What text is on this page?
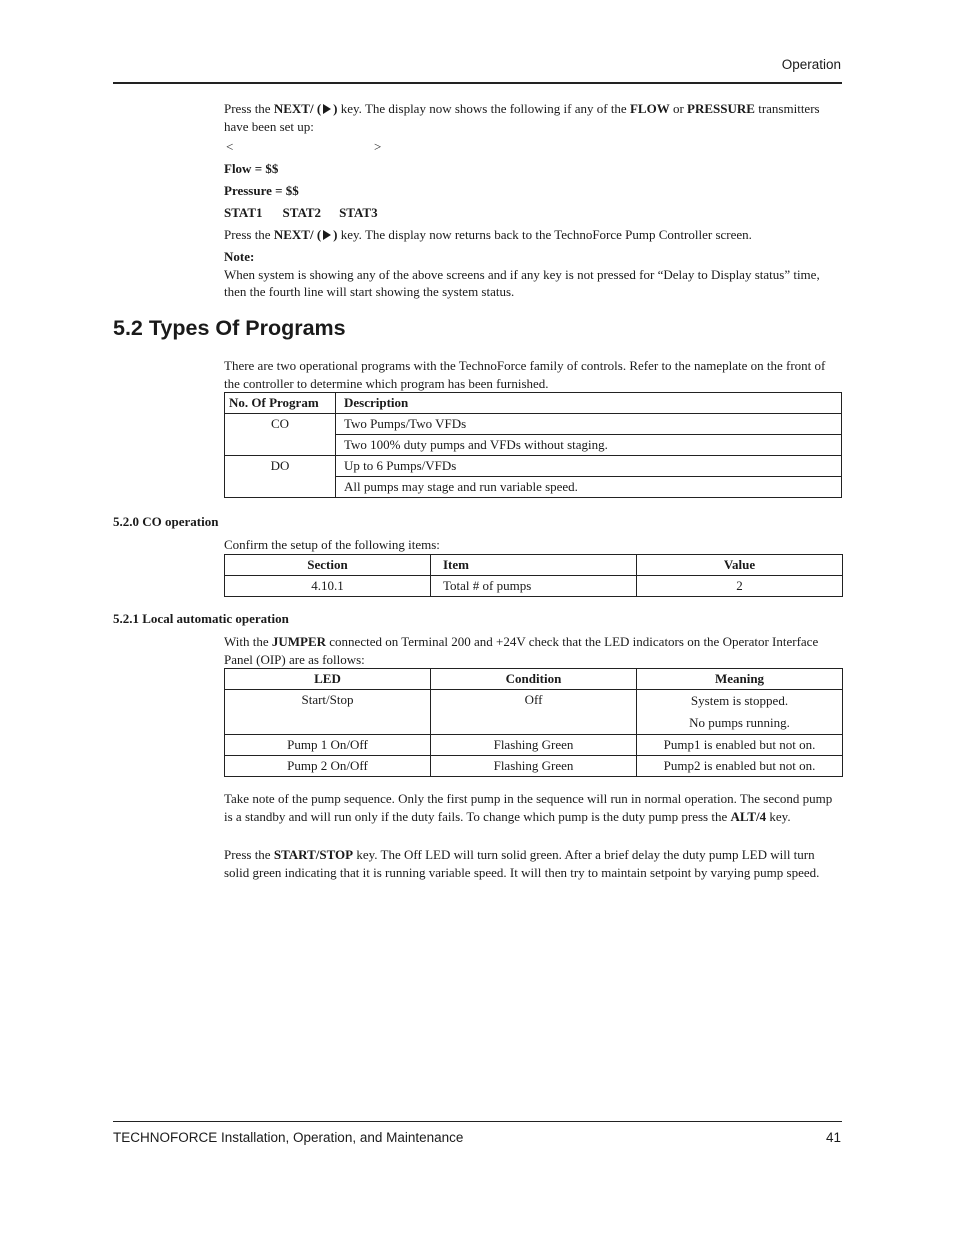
Operation

Press the NEXT/ ( ) key. The display now shows the following if any of the FLOW or PRESSURE transmitters have been set up:

<	>
Flow = $$
Pressure = $$
STAT1 STAT2 STAT3
Press the NEXT/ ( ) key. The display now returns back to the TechnoForce Pump Controller screen.

Note:

When system is showing any of the above screens and if any key is not pressed for “Delay to Display status” time, then the fourth line will start showing the system status.

5.2 Types Of Programs
There are two operational programs with the TechnoForce family of controls. Refer to the nameplate on the front of the controller to determine which program has been furnished.
No. Of Program	Description
CO	Two Pumps/Two VFDs
	Two 100% duty pumps and VFDs without staging.
DO	Up to 6 Pumps/VFDs
	All pumps may stage and run variable speed.
5.2.0 CO operation
Confirm the setup of the following items:
Section	Item	Value
4.10.1	Total # of pumps	2
5.2.1 Local automatic operation
With the JUMPER connected on Terminal 200 and +24V check that the LED indicators on the Operator Interface Panel (OIP) are as follows:
LED	Condition	Meaning
Start/Stop	Off	System is stopped.
No pumps running.

Pump 1 On/Off	Flashing Green	Pump1 is enabled but not on.
Pump 2 On/Off	Flashing Green	Pump2 is enabled but not on.
Take note of the pump sequence. Only the first pump in the sequence will run in normal operation. The second pump is a standby and will run only if the duty fails. To change which pump is the duty pump press the ALT/4 key.
Press the START/STOP key. The Off LED will turn solid green. After a brief delay the duty pump LED will turn solid green indicating that it is running variable speed. It will then try to maintain setpoint by varying pump speed.
TECHNOFORCE Installation, Operation, and Maintenance	41
